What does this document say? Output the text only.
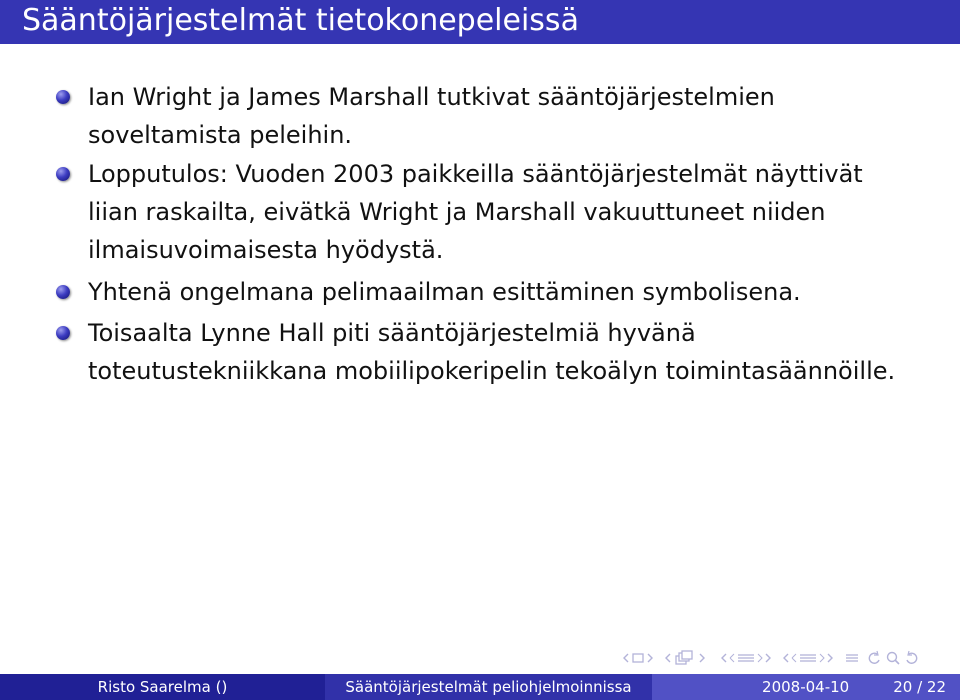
Sääntöjärjestelmät tietokonepeleissä
Ian Wright ja James Marshall tutkivat sääntöjärjestelmien
soveltamista peleihin.
Lopputulos: Vuoden 2003 paikkeilla sääntöjärjestelmät näyttivät
liian raskailta, eivätkä Wright ja Marshall vakuuttuneet niiden
ilmaisuvoimaisesta hyödystä.
Yhtenä ongelmana pelimaailman esittäminen symbolisena.
Toisaalta Lynne Hall piti sääntöjärjestelmiä hyvänä
toteutustekniikkana mobiilipokeripelin tekoälyn toimintasäännöille.
Risto Saarelma ()	Sääntöjärjestelmät peliohjelmoinnissa	2008-04-10	20 / 22
